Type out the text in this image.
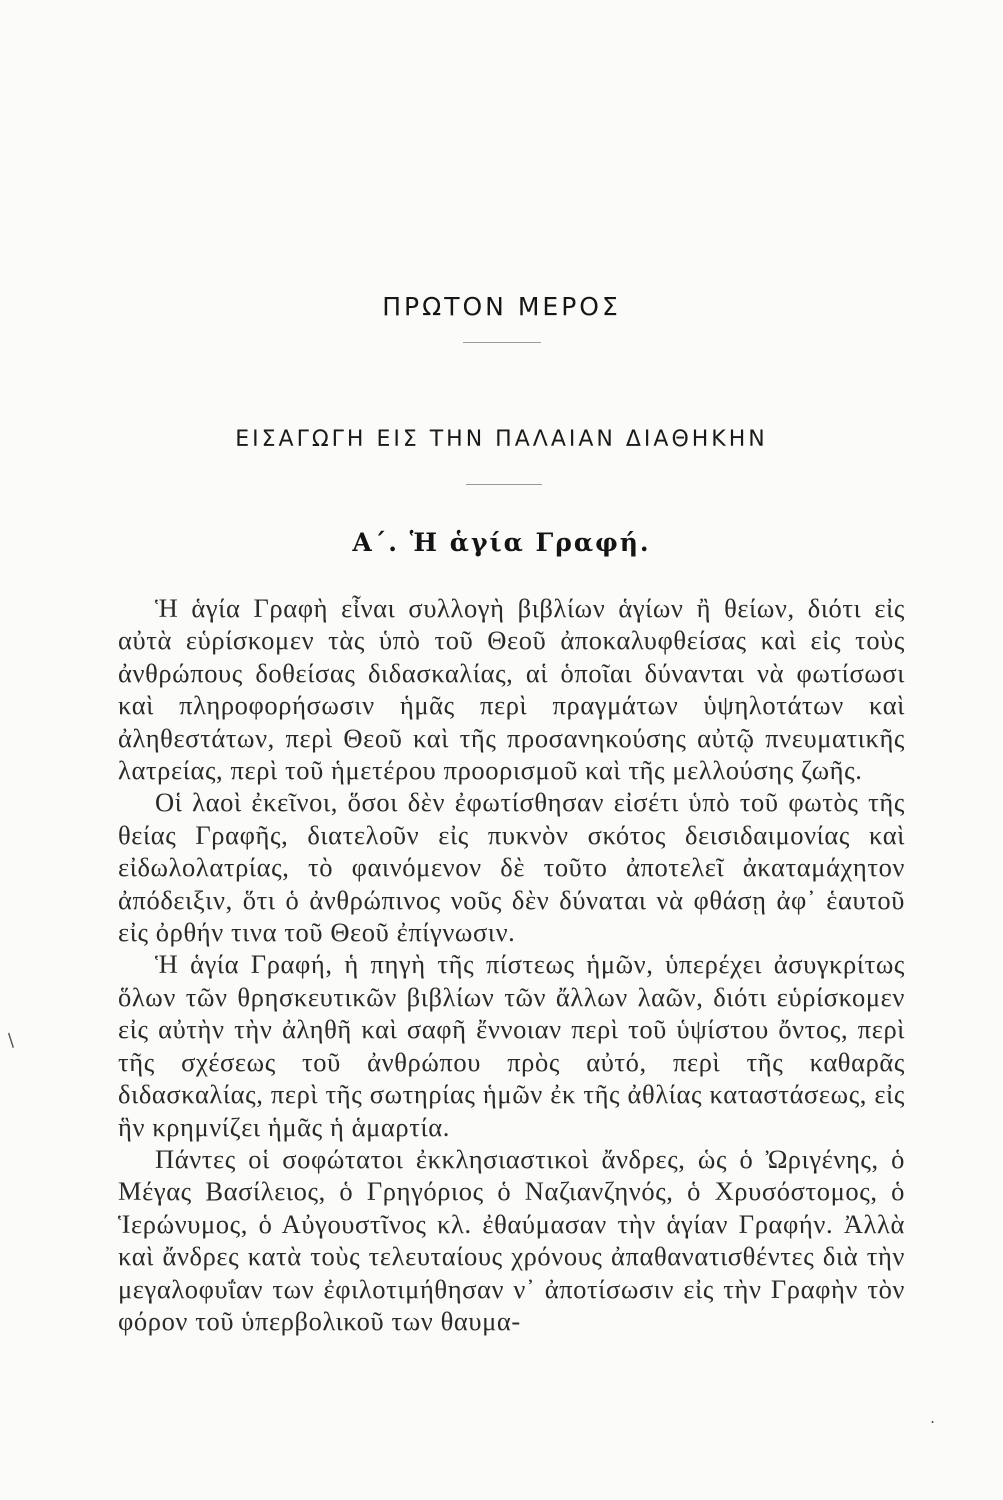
ΠΡΩΤΟΝ ΜΕΡΟΣ
ΕΙΣΑΓΩΓΗ ΕΙΣ ΤΗΝ ΠΑΛΑΙΑΝ ΔΙΑΘΗΚΗΝ
Α΄. Ἡ ἁγία Γραφή.

Ἡ ἁγία Γραφὴ εἶναι συλλογὴ βιβλίων ἁγίων ἢ θείων, διότι εἰς αὐτὰ εὑρίσκομεν τὰς ὑπὸ τοῦ Θεοῦ ἀποκαλυφθείσας καὶ εἰς τοὺς ἀνθρώπους δοθείσας διδασκαλίας, αἱ ὁποῖαι δύνανται νὰ φωτίσωσι καὶ πληροφορήσωσιν ἡμᾶς περὶ πραγμάτων ὑψηλοτάτων καὶ ἀληθεστάτων, περὶ Θεοῦ καὶ τῆς προσανηκούσης αὐτῷ πνευματικῆς λατρείας, περὶ τοῦ ἡμετέρου προορισμοῦ καὶ τῆς μελλούσης ζωῆς.

Οἱ λαοὶ ἐκεῖνοι, ὅσοι δὲν ἐφωτίσθησαν εἰσέτι ὑπὸ τοῦ φωτὸς τῆς θείας Γραφῆς, διατελοῦν εἰς πυκνὸν σκότος δεισιδαιμονίας καὶ εἰδωλολατρίας, τὸ φαινόμενον δὲ τοῦτο ἀποτελεῖ ἀκαταμάχητον ἀπόδειξιν, ὅτι ὁ ἀνθρώπινος νοῦς δὲν δύναται νὰ φθάσῃ ἀφ᾿ ἑαυτοῦ εἰς ὀρθήν τινα τοῦ Θεοῦ ἐπίγνωσιν.

Ἡ ἁγία Γραφή, ἡ πηγὴ τῆς πίστεως ἡμῶν, ὑπερέχει ἀσυγκρίτως ὅλων τῶν θρησκευτικῶν βιβλίων τῶν ἄλλων λαῶν, διότι εὑρίσκομεν εἰς αὐτὴν τὴν ἀληθῆ καὶ σαφῆ ἔννοιαν περὶ τοῦ ὑψίστου ὄντος, περὶ τῆς σχέσεως τοῦ ἀνθρώπου πρὸς αὐτό, περὶ τῆς καθαρᾶς διδασκαλίας, περὶ τῆς σωτηρίας ἡμῶν ἐκ τῆς ἀθλίας καταστάσεως, εἰς ἣν κρημνίζει ἡμᾶς ἡ ἁμαρτία.

Πάντες οἱ σοφώτατοι ἐκκλησιαστικοὶ ἄνδρες, ὡς ὁ Ὠριγένης, ὁ Μέγας Βασίλειος, ὁ Γρηγόριος ὁ Ναζιανζηνός, ὁ Χρυσόστομος, ὁ Ἱερώνυμος, ὁ Αὐγουστῖνος κλ. ἐθαύμασαν τὴν ἁγίαν Γραφήν. Ἀλλὰ καὶ ἄνδρες κατὰ τοὺς τελευταίους χρόνους ἀπαθανατισθέντες διὰ τὴν μεγαλοφυΐαν των ἐφιλοτιμήθησαν ν᾿ ἀποτίσωσιν εἰς τὴν Γραφὴν τὸν φόρον τοῦ ὑπερβολικοῦ των θαυμα-

/
.
